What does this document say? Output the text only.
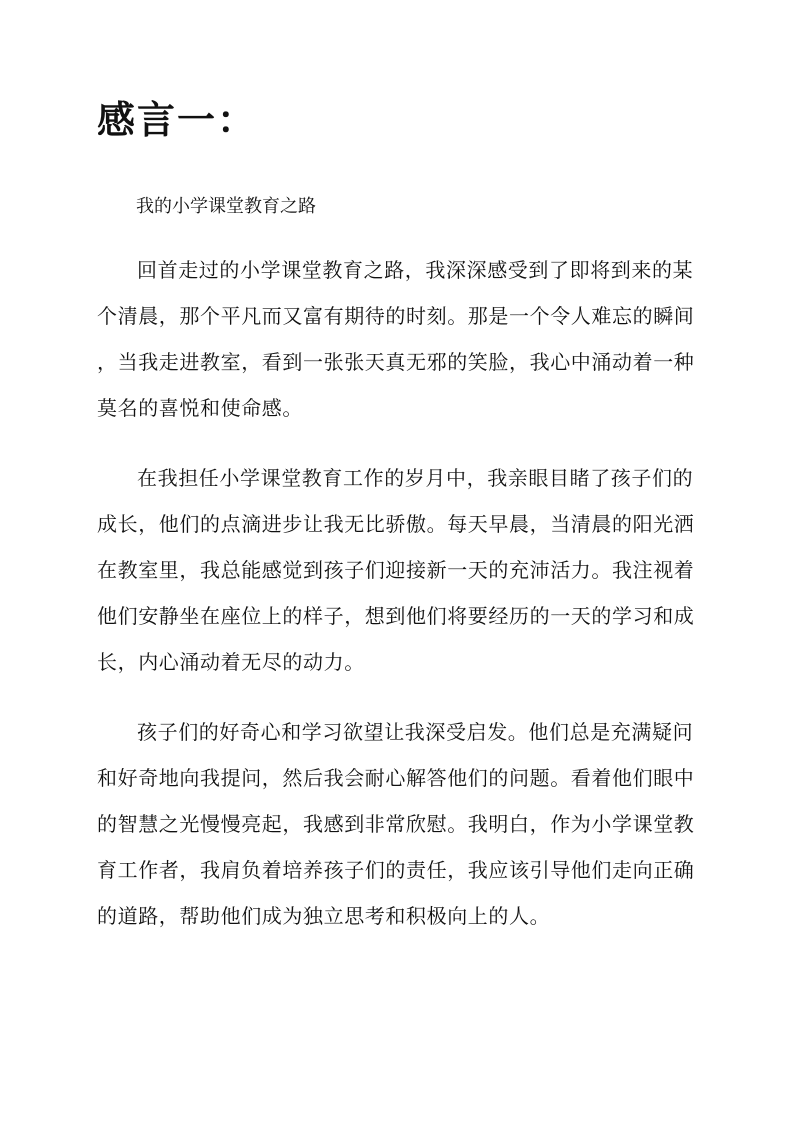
感言一：

我的小学课堂教育之路

回首走过的小学课堂教育之路，我深深感受到了即将到来的某
个清晨，那个平凡而又富有期待的时刻。那是一个令人难忘的瞬间
，当我走进教室，看到一张张天真无邪的笑脸，我心中涌动着一种
莫名的喜悦和使命感。
在我担任小学课堂教育工作的岁月中，我亲眼目睹了孩子们的
成长，他们的点滴进步让我无比骄傲。每天早晨，当清晨的阳光洒
在教室里，我总能感觉到孩子们迎接新一天的充沛活力。我注视着
他们安静坐在座位上的样子，想到他们将要经历的一天的学习和成
长，内心涌动着无尽的动力。
孩子们的好奇心和学习欲望让我深受启发。他们总是充满疑问
和好奇地向我提问，然后我会耐心解答他们的问题。看着他们眼中
的智慧之光慢慢亮起，我感到非常欣慰。我明白，作为小学课堂教
育工作者，我肩负着培养孩子们的责任，我应该引导他们走向正确
的道路，帮助他们成为独立思考和积极向上的人。
